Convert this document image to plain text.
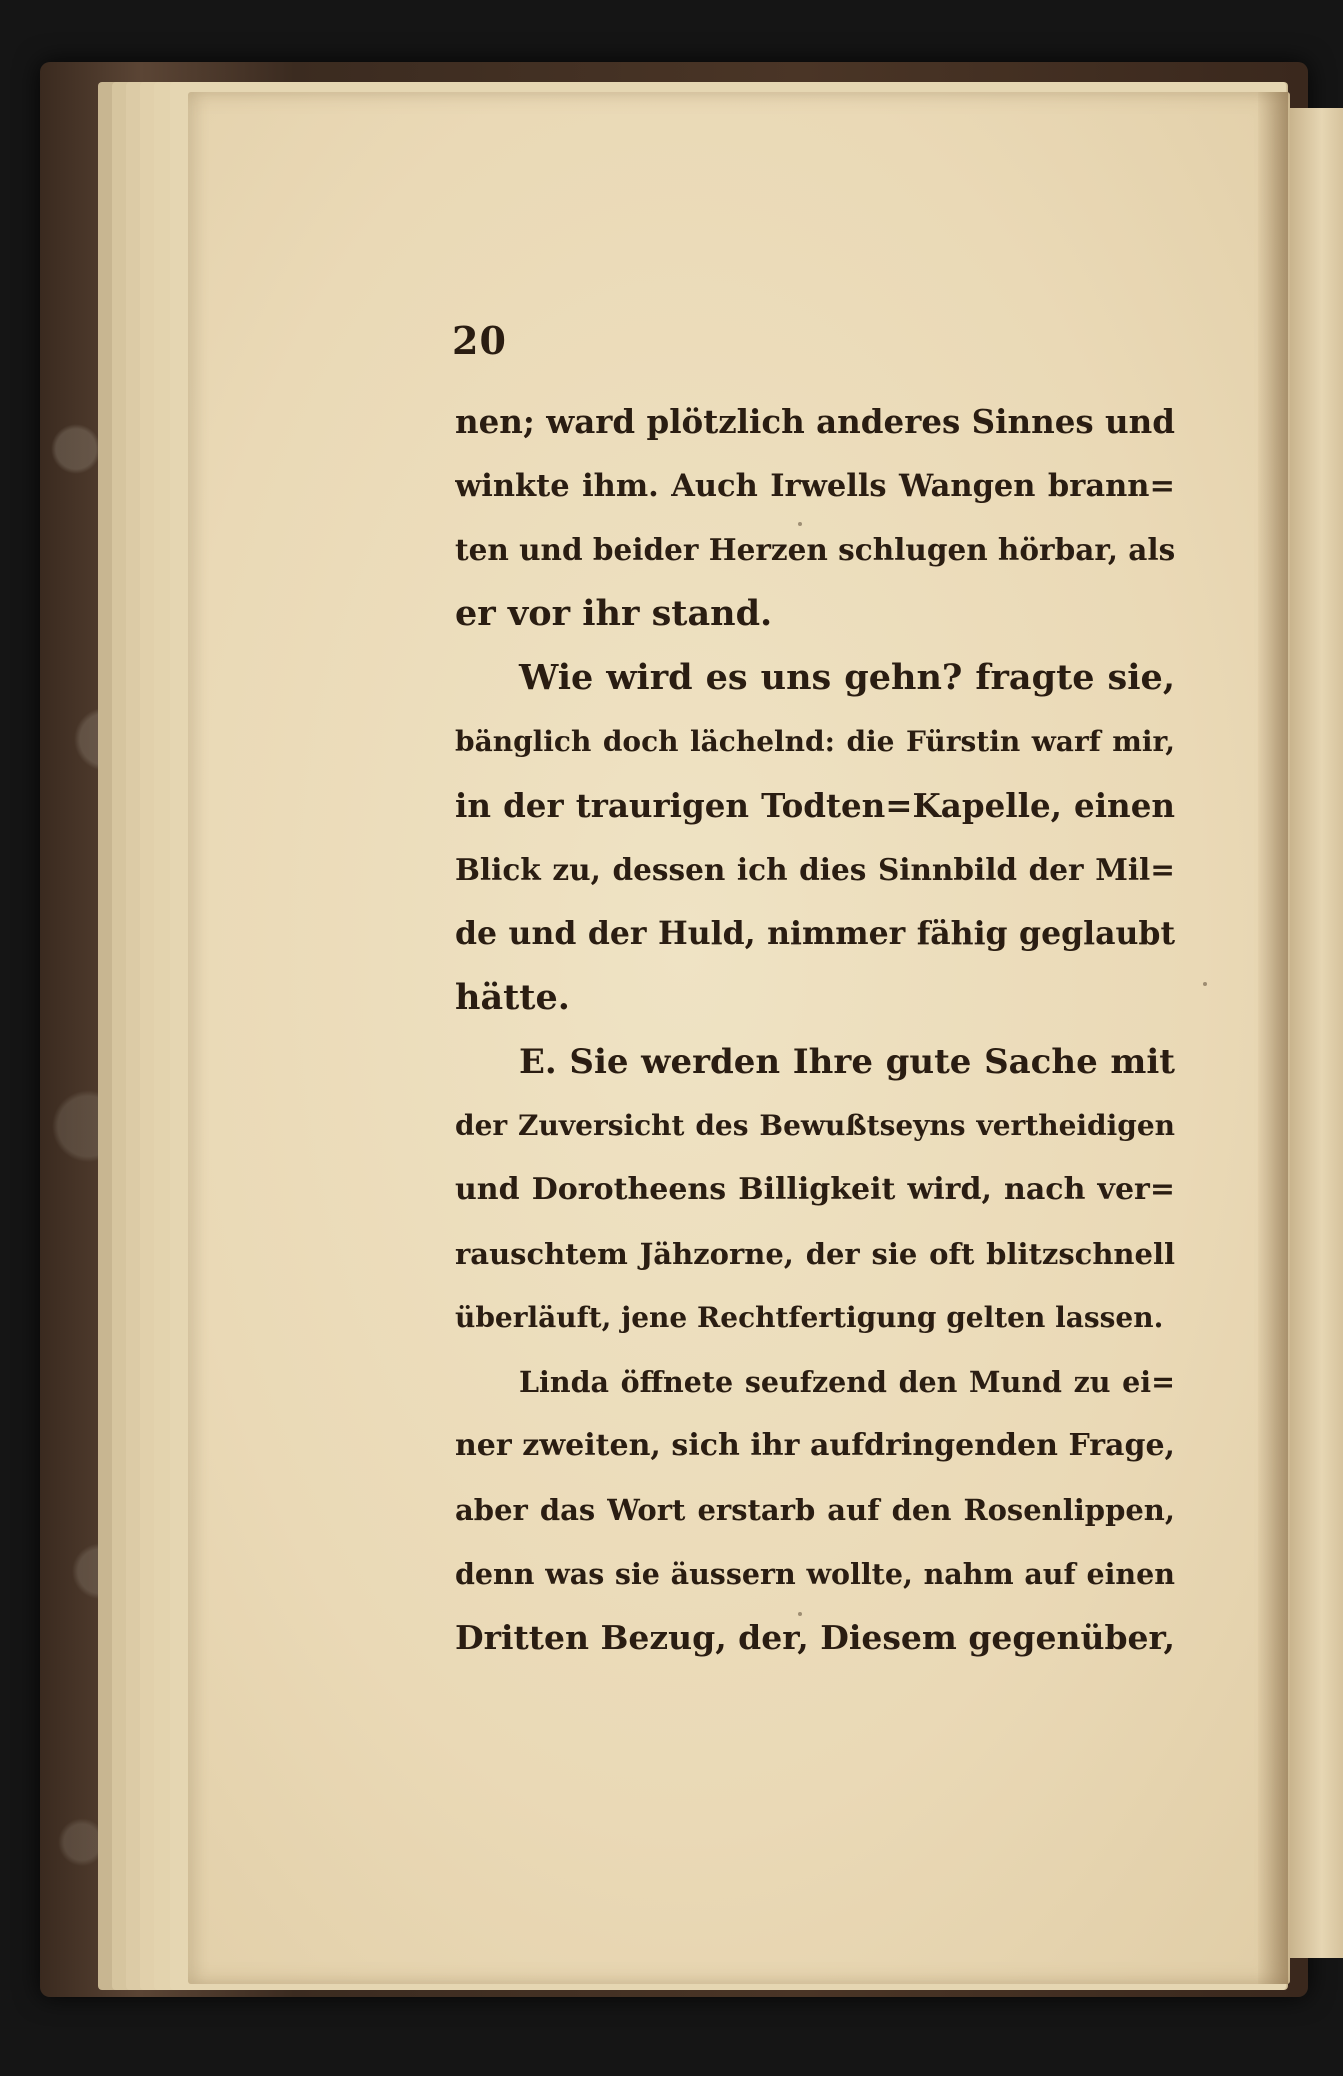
20
nen; ward plötzlich anderes Sinnes und
winkte ihm. Auch Irwells Wangen brann=
ten und beider Herzen schlugen hörbar, als
er vor ihr stand.
Wie wird es uns gehn? fragte sie,
bänglich doch lächelnd: die Fürstin warf mir,
in der traurigen Todten=Kapelle, einen
Blick zu, dessen ich dies Sinnbild der Mil=
de und der Huld, nimmer fähig geglaubt
hätte.
E. Sie werden Ihre gute Sache mit
der Zuversicht des Bewußtseyns vertheidigen
und Dorotheens Billigkeit wird, nach ver=
rauschtem Jähzorne, der sie oft blitzschnell
überläuft, jene Rechtfertigung gelten lassen.
Linda öffnete seufzend den Mund zu ei=
ner zweiten, sich ihr aufdringenden Frage,
aber das Wort erstarb auf den Rosenlippen,
denn was sie äussern wollte, nahm auf einen
Dritten Bezug, der, Diesem gegenüber,
